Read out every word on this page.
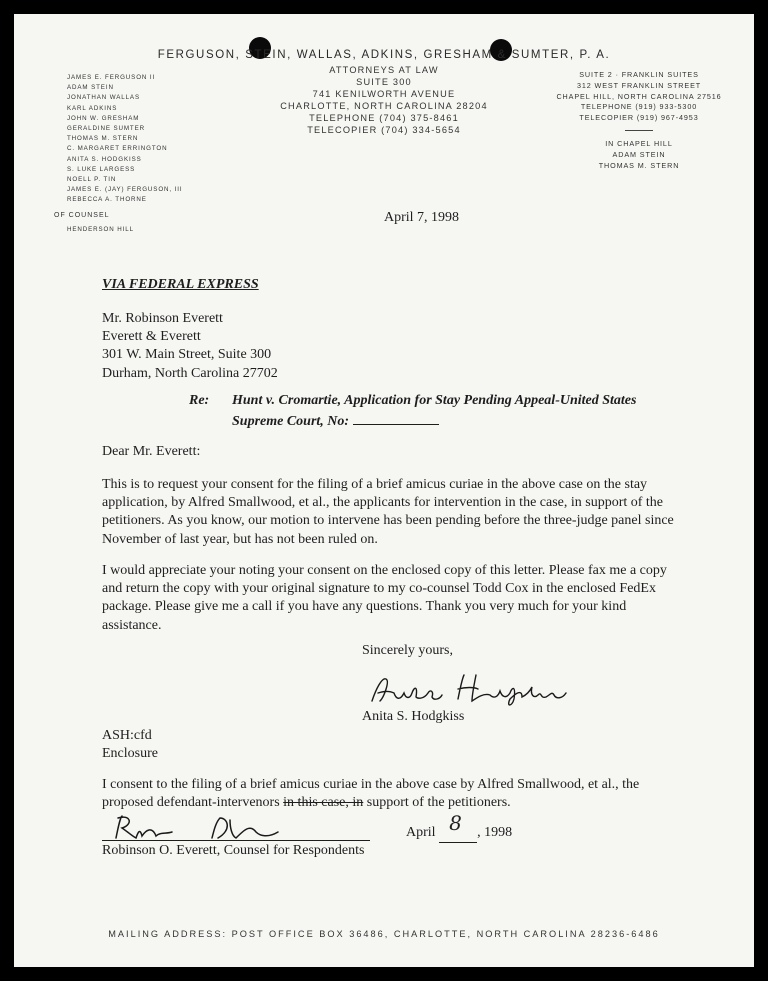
FERGUSON, STEIN, WALLAS, ADKINS, GRESHAM & SUMTER, P. A.
ATTORNEYS AT LAW
SUITE 300
741 KENILWORTH AVENUE
CHARLOTTE, NORTH CAROLINA 28204
TELEPHONE (704) 375-8461
TELECOPIER (704) 334-5654
JAMES E. FERGUSON II
ADAM STEIN
JONATHAN WALLAS
KARL ADKINS
JOHN W. GRESHAM
GERALDINE SUMTER
THOMAS M. STERN
C. MARGARET ERRINGTON
ANITA S. HODGKISS
S. LUKE LARGESS
NOELL P. TIN
JAMES E. (JAY) FERGUSON, III
REBECCA A. THORNE
OF COUNSEL
HENDERSON HILL
SUITE 2 · FRANKLIN SUITES
312 WEST FRANKLIN STREET
CHAPEL HILL, NORTH CAROLINA 27516
TELEPHONE (919) 933-5300
TELECOPIER (919) 967-4953
IN CHAPEL HILL
ADAM STEIN
THOMAS M. STERN
April 7, 1998
VIA FEDERAL EXPRESS
Mr. Robinson Everett
Everett & Everett
301 W. Main Street, Suite 300
Durham, North Carolina 27702
Re: Hunt v. Cromartie, Application for Stay Pending Appeal-United States
Supreme Court, No:
Dear Mr. Everett:
This is to request your consent for the filing of a brief amicus curiae in the above case on the stay application, by Alfred Smallwood, et al., the applicants for intervention in the case, in support of the petitioners. As you know, our motion to intervene has been pending before the three-judge panel since November of last year, but has not been ruled on.
I would appreciate your noting your consent on the enclosed copy of this letter. Please fax me a copy and return the copy with your original signature to my co-counsel Todd Cox in the enclosed FedEx package. Please give me a call if you have any questions. Thank you very much for your kind assistance.
Sincerely yours,
Anita S. Hodgkiss
ASH:cfd
Enclosure
I consent to the filing of a brief amicus curiae in the above case by Alfred Smallwood, et al., the
proposed defendant-intervenors in this case, in support of the petitioners.
Robinson O. Everett, Counsel for Respondents
April 8 , 1998
MAILING ADDRESS: POST OFFICE BOX 36486, CHARLOTTE, NORTH CAROLINA 28236-6486
